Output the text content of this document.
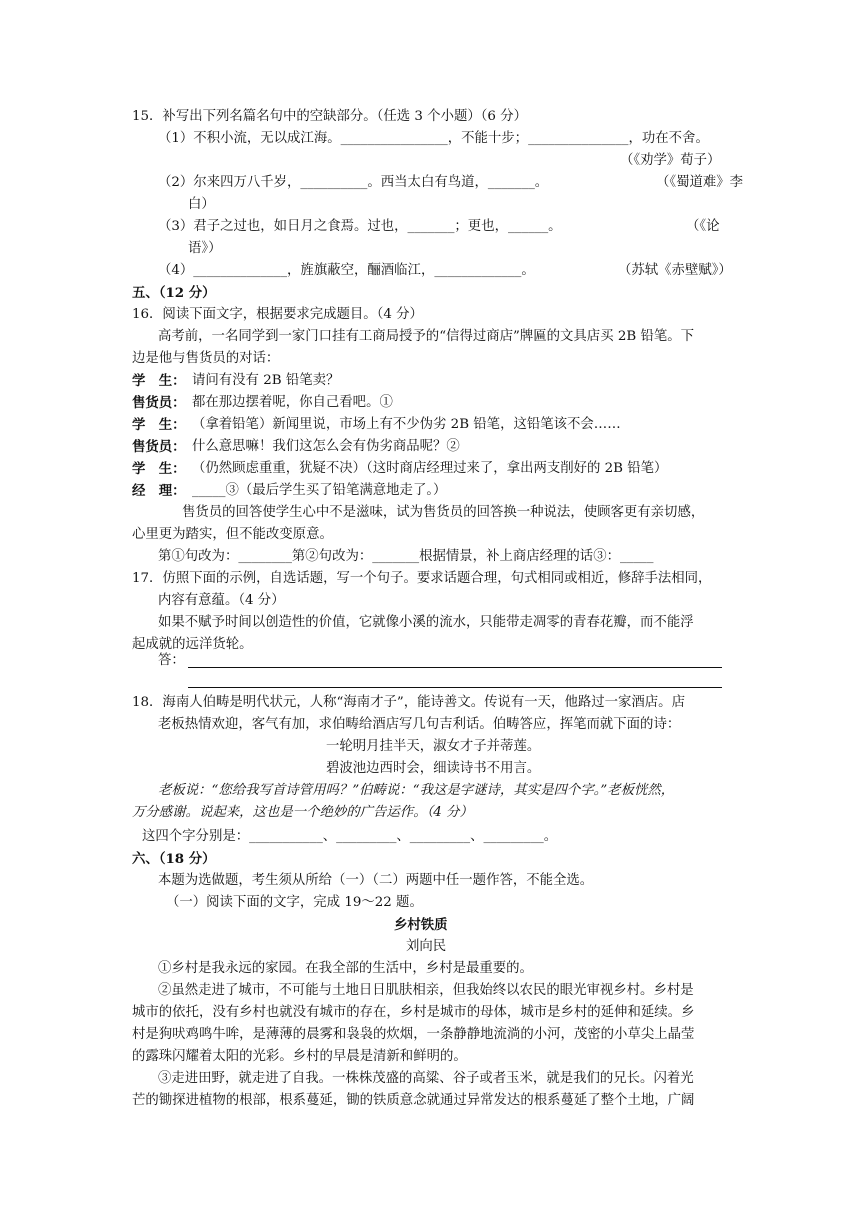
15．补写出下列名篇名句中的空缺部分。（任选 3 个小题）（6 分）
（1）不积小流，无以成江海。________________，不能十步；_______________，功在不舍。
（《劝学》荀子）
（2）尔来四万八千岁，__________。西当太白有鸟道，_______。	（《蜀道难》李
白）
（3）君子之过也，如日月之食焉。过也，_______；更也，______。	（《论
语》）
（4）______________，旌旗蔽空，酾酒临江，_____________。	（苏轼《赤壁赋》）
五、（12 分）
16．阅读下面文字，根据要求完成题目。（4 分）
高考前，一名同学到一家门口挂有工商局授予的“信得过商店”牌匾的文具店买 2B 铅笔。下
边是他与售货员的对话：
学　生： 请问有没有 2B 铅笔卖？
售货员： 都在那边摆着呢，你自己看吧。①
学　生： （拿着铅笔）新闻里说，市场上有不少伪劣 2B 铅笔，这铅笔该不会……
售货员： 什么意思嘛！我们这怎么会有伪劣商品呢？②
学　生： （仍然顾虑重重，犹疑不决）（这时商店经理过来了，拿出两支削好的 2B 铅笔）
经　理： _____③（最后学生买了铅笔满意地走了。）
售货员的回答使学生心中不是滋味，试为售货员的回答换一种说法，使顾客更有亲切感，
心里更为踏实，但不能改变原意。
第①句改为：________第②句改为：_______根据情景，补上商店经理的话③：_____
17．仿照下面的示例，自选话题，写一个句子。要求话题合理，句式相同或相近，修辞手法相同，
内容有意蕴。（4 分）
如果不赋予时间以创造性的价值，它就像小溪的流水，只能带走凋零的青春花瓣，而不能浮
起成就的远洋货轮。
答：
18．海南人伯畴是明代状元，人称“海南才子”，能诗善文。传说有一天，他路过一家酒店。店
老板热情欢迎，客气有加，求伯畴给酒店写几句吉利话。伯畴答应，挥笔而就下面的诗：
一轮明月挂半天，淑女才子并蒂莲。
碧波池边西时会，细读诗书不用言。
老板说：“您给我写首诗管用吗？”伯畴说：“我这是字谜诗，其实是四个字。”老板恍然，
万分感谢。说起来，这也是一个绝妙的广告运作。（4 分）
这四个字分别是：___________、_________、_________、_________。
六、（18 分）
本题为选做题，考生须从所给（一）（二）两题中任一题作答，不能全选。
（一）阅读下面的文字，完成 19～22 题。
乡村铁质
刘向民
①乡村是我永远的家园。在我全部的生活中，乡村是最重要的。
②虽然走进了城市，不可能与土地日日肌肤相亲，但我始终以农民的眼光审视乡村。乡村是
城市的依托，没有乡村也就没有城市的存在，乡村是城市的母体，城市是乡村的延伸和延续。乡
村是狗吠鸡鸣牛哞，是薄薄的晨雾和袅袅的炊烟，一条静静地流淌的小河，茂密的小草尖上晶莹
的露珠闪耀着太阳的光彩。乡村的早晨是清新和鲜明的。
③走进田野，就走进了自我。一株株茂盛的高粱、谷子或者玉米，就是我们的兄长。闪着光
芒的锄探进植物的根部，根系蔓延，锄的铁质意念就通过异常发达的根系蔓延了整个土地，广阔
